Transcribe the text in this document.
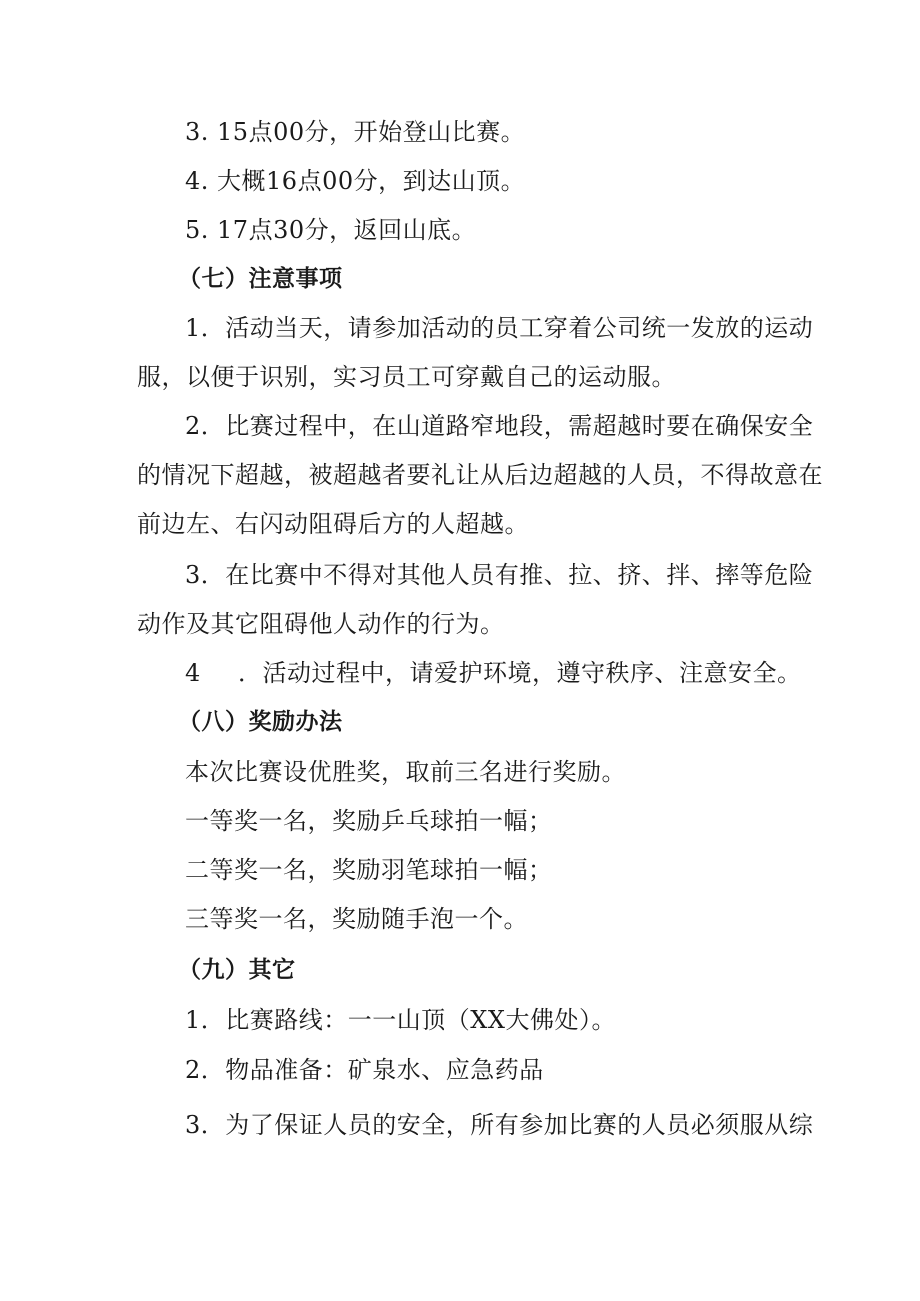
3. 15点00分，开始登山比赛。
4. 大概16点00分，到达山顶。
5. 17点30分，返回山底。
（七）注意事项
1．活动当天，请参加活动的员工穿着公司统一发放的运动
服，以便于识别，实习员工可穿戴自己的运动服。
2．比赛过程中，在山道路窄地段，需超越时要在确保安全
的情况下超越，被超越者要礼让从后边超越的人员，不得故意在
前边左、右闪动阻碍后方的人超越。
3．在比赛中不得对其他人员有推、拉、挤、拌、摔等危险
动作及其它阻碍他人动作的行为。
4 ．活动过程中，请爱护环境，遵守秩序、注意安全。
（八）奖励办法
本次比赛设优胜奖，取前三名进行奖励。
一等奖一名，奖励乒乓球拍一幅；
二等奖一名，奖励羽笔球拍一幅；
三等奖一名，奖励随手泡一个。
（九）其它
1．比赛路线：一一山顶（XX大佛处）。
2．物品准备：矿泉水、应急药品
3．为了保证人员的安全，所有参加比赛的人员必须服从综
